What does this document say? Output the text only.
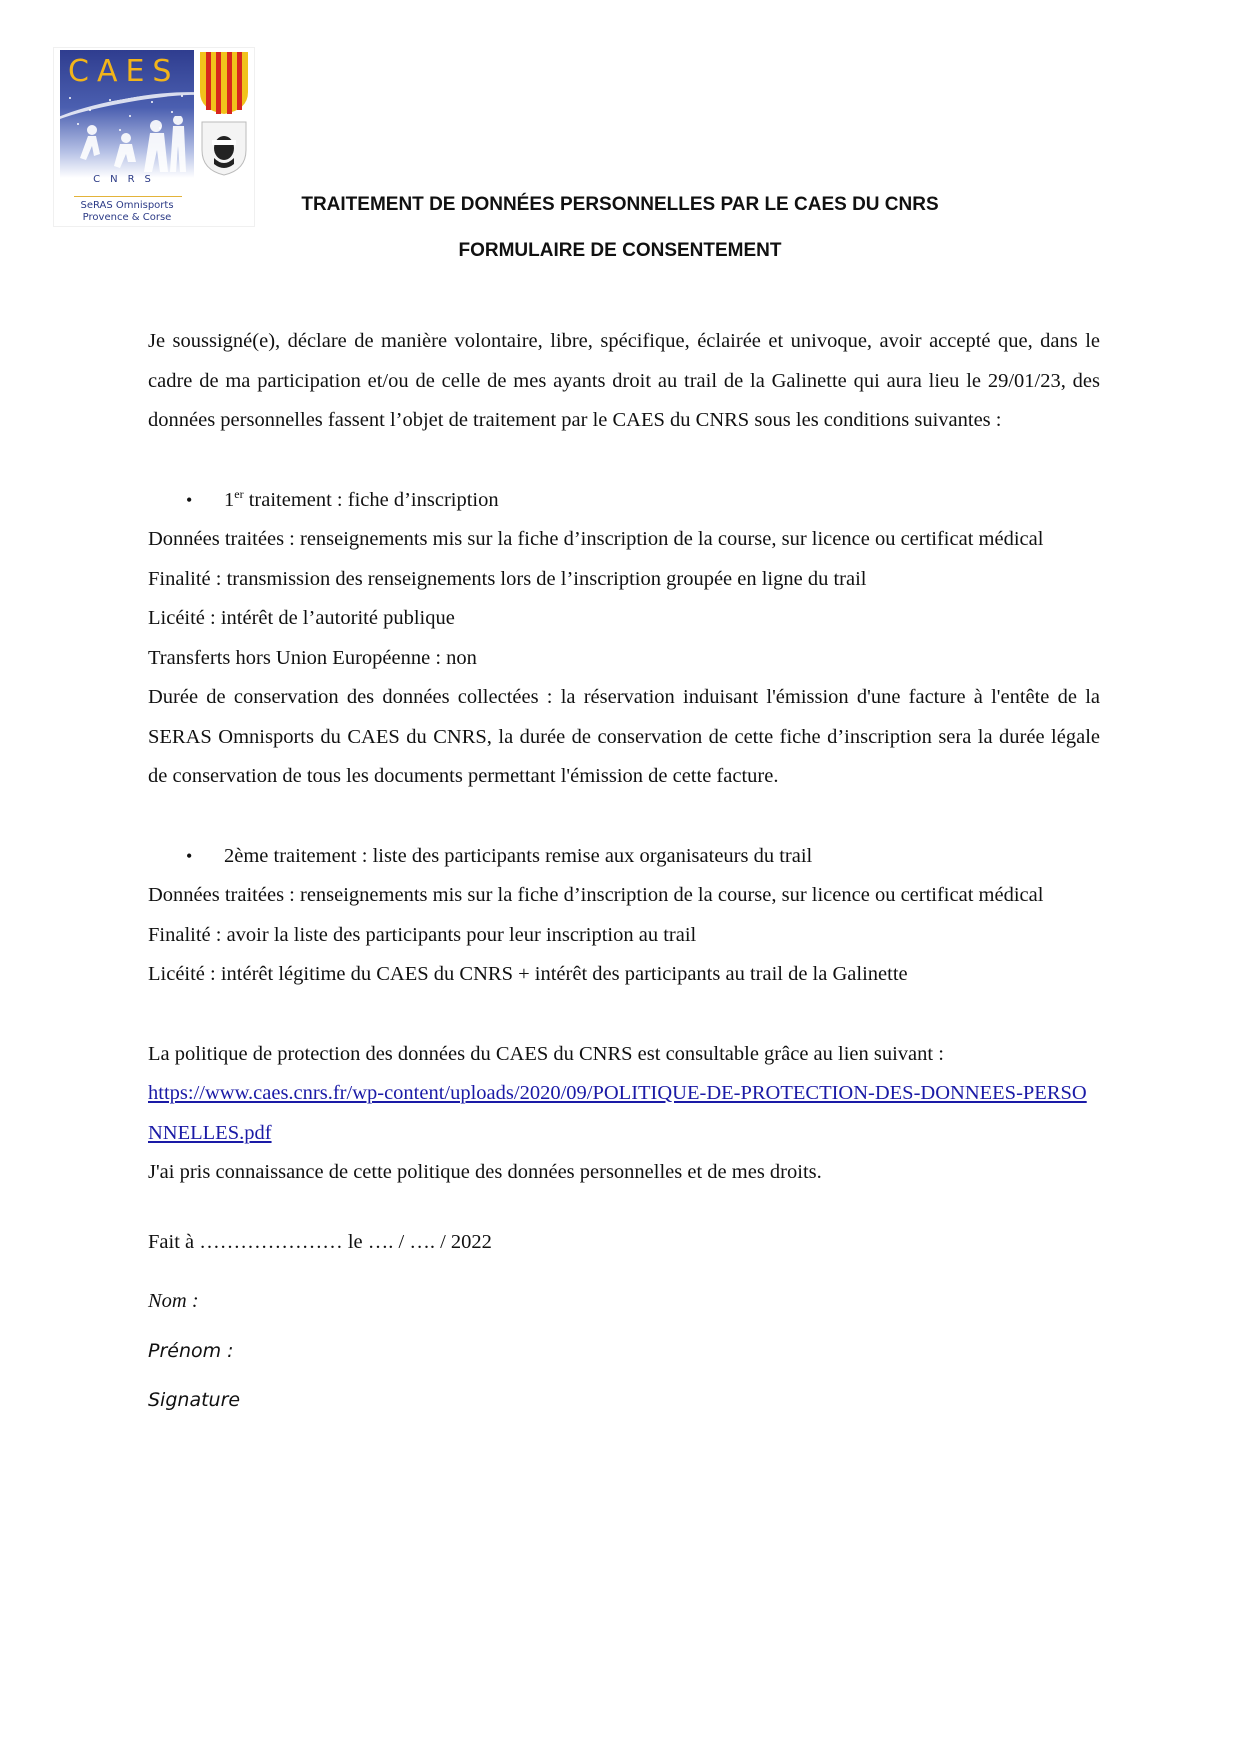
CAES
CNRS
SeRAS Omnisports
Provence & Corse
TRAITEMENT DE DONNÉES PERSONNELLES PAR LE CAES DU CNRS
FORMULAIRE DE CONSENTEMENT

Je soussigné(e), déclare de manière volontaire, libre, spécifique, éclairée et univoque, avoir accepté que, dans le cadre de ma participation et/ou de celle de mes ayants droit au trail de la Galinette qui aura lieu le 29/01/23, des données personnelles fassent l’objet de traitement par le CAES du CNRS sous les conditions suivantes :

• 1er traitement : fiche d’inscription

Données traitées : renseignements mis sur la fiche d’inscription de la course, sur licence ou certificat médical

Finalité : transmission des renseignements lors de l’inscription groupée en ligne du trail

Licéité : intérêt de l’autorité publique

Transferts hors Union Européenne : non

Durée de conservation des données collectées : la réservation induisant l'émission d'une facture à l'entête de la SERAS Omnisports du CAES du CNRS, la durée de conservation de cette fiche d’inscription sera la durée légale de conservation de tous les documents permettant l'émission de cette facture.

• 2ème traitement : liste des participants remise aux organisateurs du trail

Données traitées : renseignements mis sur la fiche d’inscription de la course, sur licence ou certificat médical

Finalité : avoir la liste des participants pour leur inscription au trail

Licéité : intérêt légitime du CAES du CNRS + intérêt des participants au trail de la Galinette

La politique de protection des données du CAES du CNRS est consultable grâce au lien suivant :

https://www.caes.cnrs.fr/wp-content/uploads/2020/09/POLITIQUE-DE-PROTECTION-DES-DONNEES-PERSONNELLES.pdf

J'ai pris connaissance de cette politique des données personnelles et de mes droits.

Fait à ………………… le …. / …. / 2022

Nom :

Prénom :

Signature
